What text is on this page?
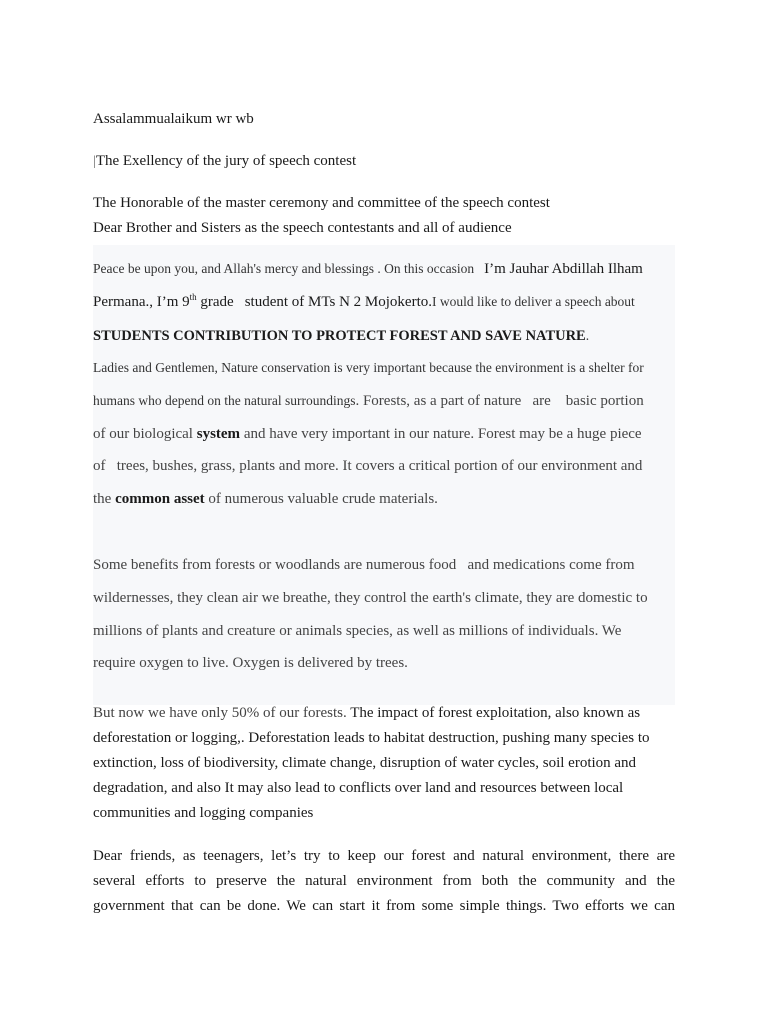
Assalammualaikum wr wb
|The Exellency of the jury of speech contest
The Honorable of the master ceremony and committee of the speech contest
Dear Brother and Sisters as the speech contestants and all of audience
Peace be upon you, and Allah's mercy and blessings . On this occasion I’m Jauhar Abdillah Ilham
Permana., I’m 9th grade student of MTs N 2 Mojokerto.I would like to deliver a speech about
STUDENTS CONTRIBUTION TO PROTECT FOREST AND SAVE NATURE.
Ladies and Gentlemen, Nature conservation is very important because the environment is a shelter for
humans who depend on the natural surroundings. Forests, as a part of nature   are    basic portion
of our biological system and have very important in our nature. Forest may be a huge piece
of   trees, bushes, grass, plants and more. It covers a critical portion of our environment and
the common asset of numerous valuable crude materials.
Some benefits from forests or woodlands are numerous food   and medications come from
wildernesses, they clean air we breathe, they control the earth's climate, they are domestic to
millions of plants and creature or animals species, as well as millions of individuals. We
require oxygen to live. Oxygen is delivered by trees.
But now we have only 50% of our forests. The impact of forest exploitation, also known as
deforestation or logging,. Deforestation leads to habitat destruction, pushing many species to
extinction, loss of biodiversity, climate change, disruption of water cycles, soil erotion and
degradation, and also It may also lead to conflicts over land and resources between local
communities and logging companies
Dear friends, as teenagers, let’s try to keep our forest and natural environment, there are
several efforts to preserve the natural environment from both the community and the
government that can be done. We can start it from some simple things. Two efforts we can
